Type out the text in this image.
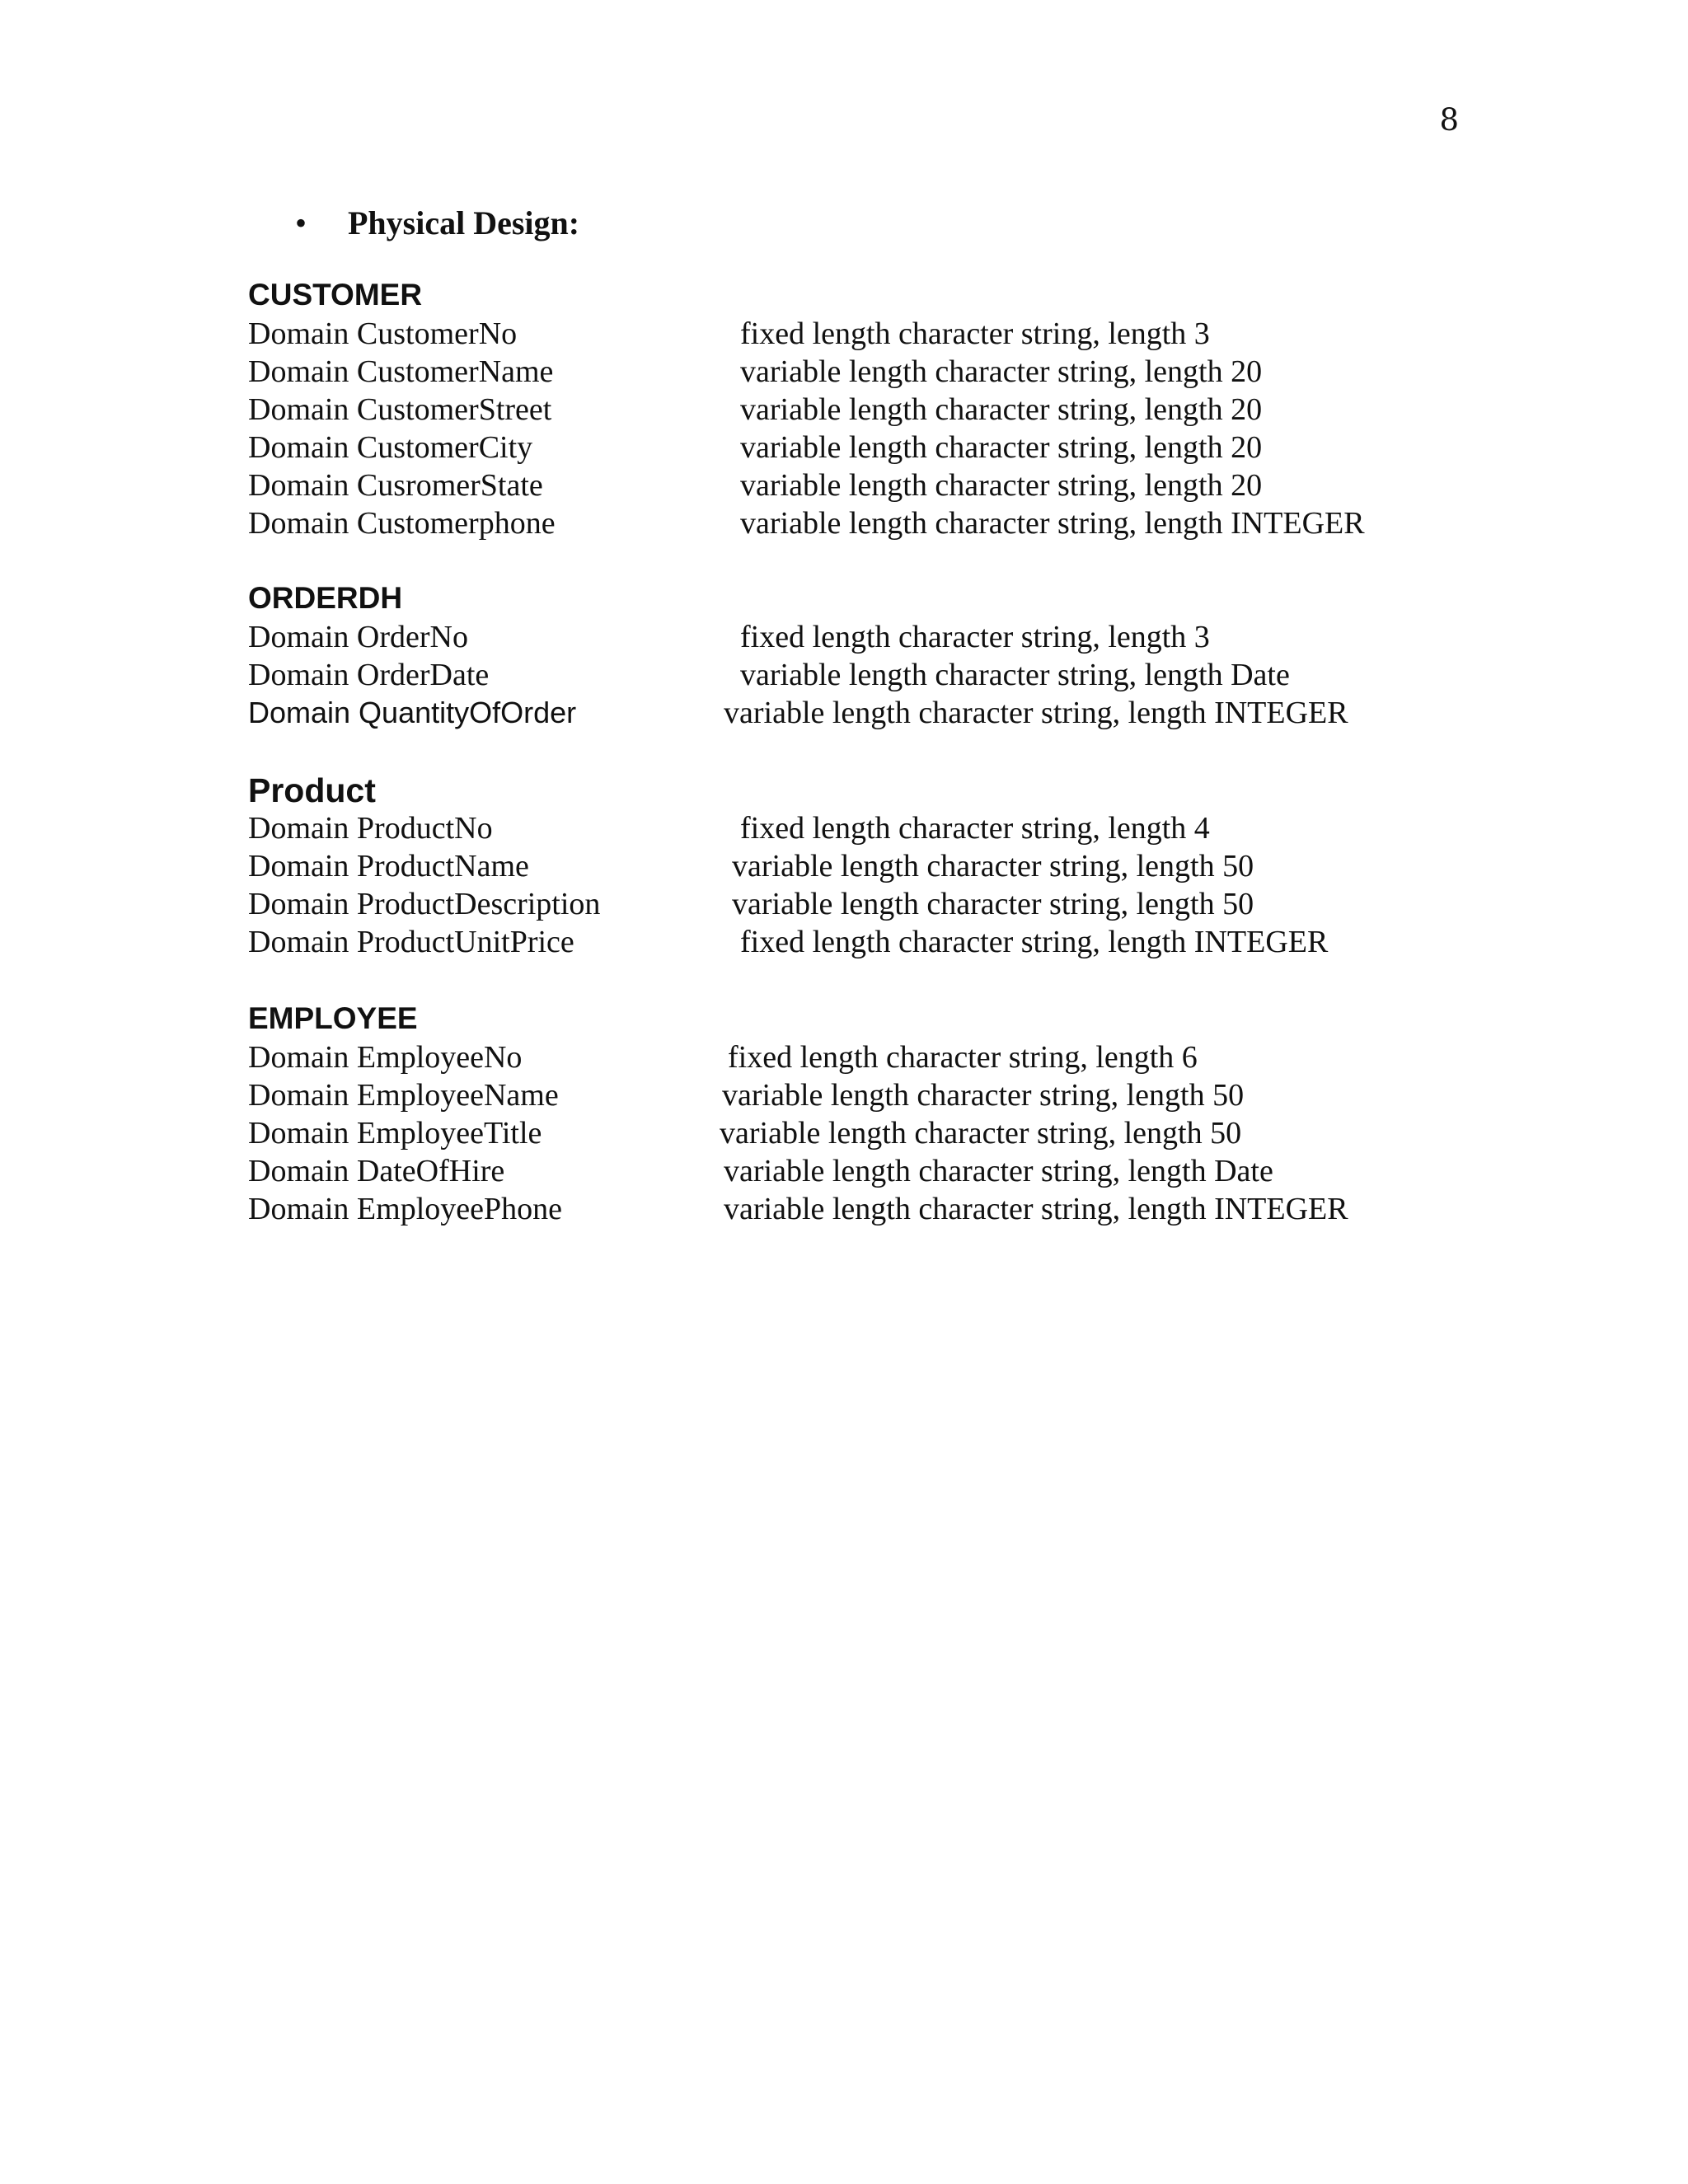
8
• Physical Design:
CUSTOMER
Domain CustomerNo	fixed length character string, length 3
Domain CustomerName	variable length character string, length 20
Domain CustomerStreet	variable length character string, length 20
Domain CustomerCity	variable length character string, length 20
Domain CusromerState	variable length character string, length 20
Domain Customerphone	variable length character string, length INTEGER
ORDERDH
Domain OrderNo	fixed length character string, length 3
Domain OrderDate	variable length character string, length Date
Domain QuantityOfOrder	variable length character string, length INTEGER
Product
Domain ProductNo	fixed length character string, length 4
Domain ProductName	variable length character string, length 50
Domain ProductDescription	variable length character string, length 50
Domain ProductUnitPrice	fixed length character string, length INTEGER
EMPLOYEE
Domain EmployeeNo	fixed length character string, length 6
Domain EmployeeName	variable length character string, length 50
Domain EmployeeTitle	variable length character string, length 50
Domain DateOfHire	variable length character string, length Date
Domain EmployeePhone	variable length character string, length INTEGER
